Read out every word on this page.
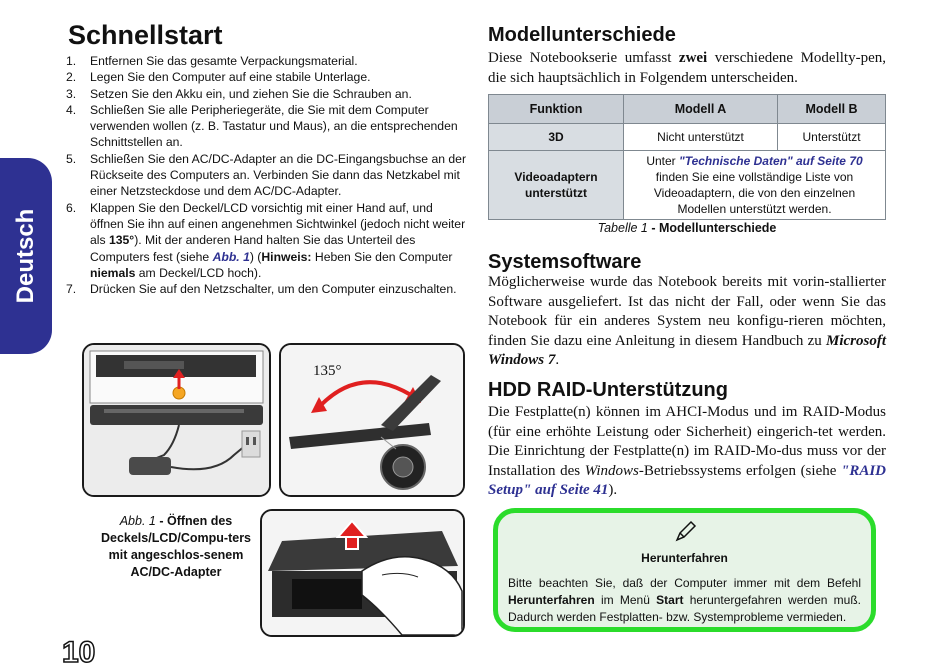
Deutsch
Schnellstart
1. Entfernen Sie das gesamte Verpackungsmaterial.
2. Legen Sie den Computer auf eine stabile Unterlage.
3. Setzen Sie den Akku ein, und ziehen Sie die Schrauben an.
4. Schließen Sie alle Peripheriegeräte, die Sie mit dem Computer verwenden wollen (z. B. Tastatur und Maus), an die entsprechenden Schnittstellen an.
5. Schließen Sie den AC/DC-Adapter an die DC-Eingangsbuchse an der Rückseite des Computers an. Verbinden Sie dann das Netzkabel mit einer Netzsteckdose und dem AC/DC-Adapter.
6. Klappen Sie den Deckel/LCD vorsichtig mit einer Hand auf, und öffnen Sie ihn auf einen angenehmen Sichtwinkel (jedoch nicht weiter als 135°). Mit der anderen Hand halten Sie das Unterteil des Computers fest (siehe Abb. 1) (Hinweis: Heben Sie den Computer niemals am Deckel/LCD hoch).
7. Drücken Sie auf den Netzschalter, um den Computer einzuschalten.
135°
Abb. 1 - Öffnen des Deckels/LCD/Compu-ters mit angeschlos-senem AC/DC-Adapter
10
Modellunterschiede

Diese Notebookserie umfasst zwei verschiedene Modellty-pen, die sich hauptsächlich in Folgendem unterscheiden.

Funktion	Modell A	Modell B
3D	Nicht unterstützt	Unterstützt
Videoadaptern unterstützt	Unter "Technische Daten" auf Seite 70
finden Sie eine vollständige Liste von Videoadaptern, die von den einzelnen Modellen unterstützt werden.	
Tabelle 1 - Modellunterschiede
Systemsoftware

Möglicherweise wurde das Notebook bereits mit vorin-stallierter Software ausgeliefert. Ist das nicht der Fall, oder wenn Sie das Notebook für ein anderes System neu konfigu-rieren möchten, finden Sie dazu eine Anleitung in diesem Handbuch zu Microsoft Windows 7.

HDD RAID-Unterstützung

Die Festplatte(n) können im AHCI-Modus und im RAID-Modus (für eine erhöhte Leistung oder Sicherheit) eingerich-tet werden. Die Einrichtung der Festplatte(n) im RAID-Mo-dus muss vor der Installation des Windows-Betriebssystems erfolgen (siehe "RAID Setup" auf Seite 41).

Herunterfahren
Bitte beachten Sie, daß der Computer immer mit dem Befehl Herunterfahren im Menü Start heruntergefahren werden muß. Dadurch werden Festplatten- bzw. Systemprobleme vermieden.
